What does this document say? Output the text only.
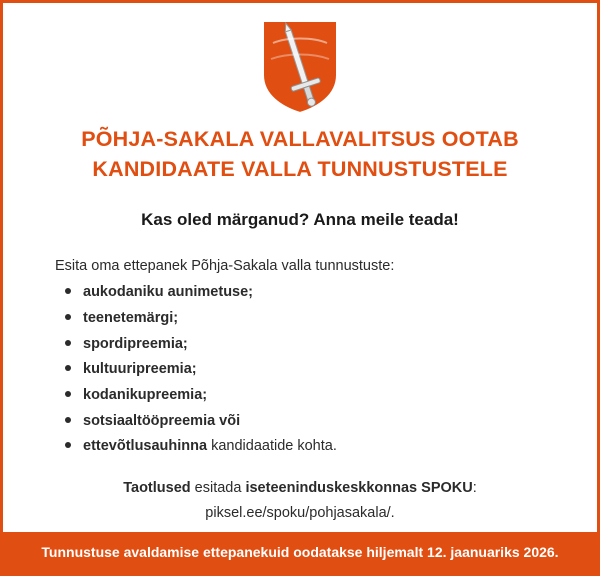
PÕHJA-SAKALA VALLAVALITSUS OOTAB
KANDIDAATE VALLA TUNNUSTUSTELE

Kas oled märganud? Anna meile teada!

Esita oma ettepanek Põhja-Sakala valla tunnustuste:

aukodaniku aunimetuse;
teenetemärgi;
spordipreemia;
kultuuripreemia;
kodanikupreemia;
sotsiaaltööpreemia või
ettevõtlusauhinna kandidaatide kohta.
Taotlused esitada iseteeninduskeskkonnas SPOKU:
piksel.ee/spoku/pohjasakala/.
Tunnustuse avaldamise ettepanekuid oodatakse hiljemalt 12. jaanuariks 2026.
